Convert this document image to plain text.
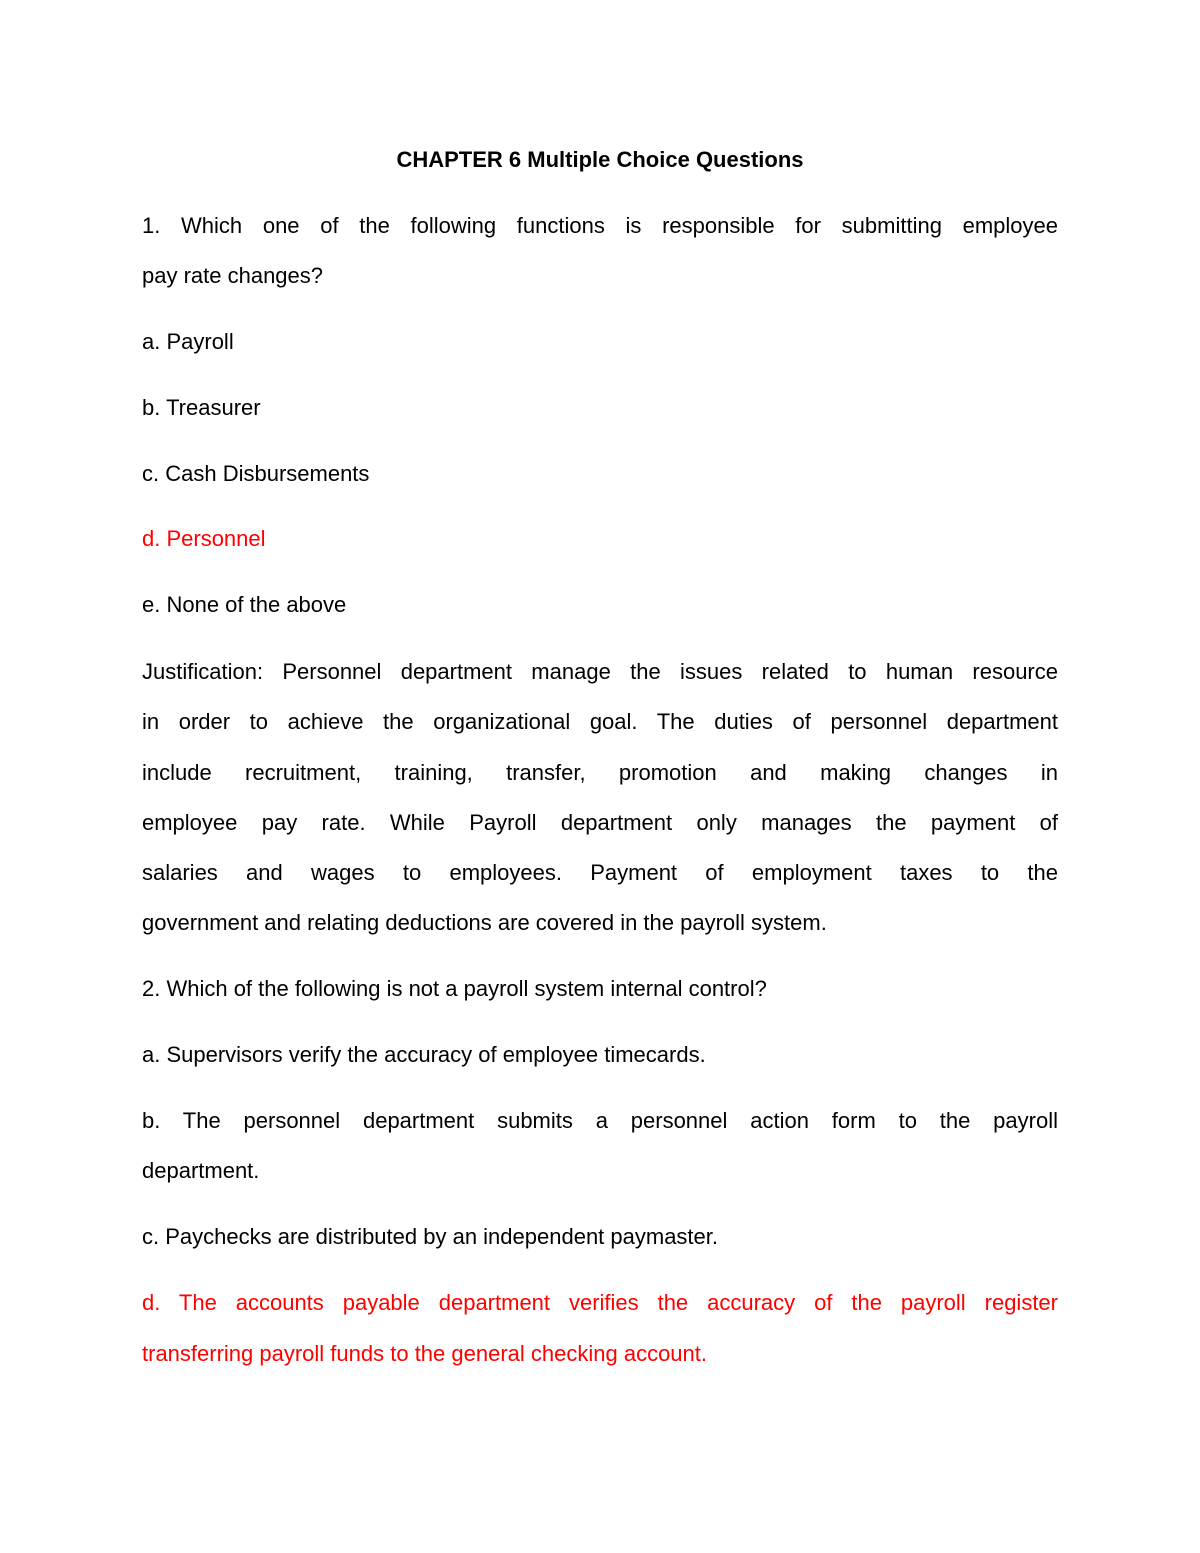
CHAPTER 6 Multiple Choice Questions

1. Which one of the following functions is responsible for submitting employee

pay rate changes?

a. Payroll

b. Treasurer

c. Cash Disbursements

d. Personnel

e. None of the above

Justification: Personnel department manage the issues related to human resource

in order to achieve the organizational goal. The duties of personnel department

include recruitment, training, transfer, promotion and making changes in

employee pay rate. While Payroll department only manages the payment of

salaries and wages to employees. Payment of employment taxes to the

government and relating deductions are covered in the payroll system.

2. Which of the following is not a payroll system internal control?

a. Supervisors verify the accuracy of employee timecards.

b. The personnel department submits a personnel action form to the payroll

department.

c. Paychecks are distributed by an independent paymaster.

d. The accounts payable department verifies the accuracy of the payroll register

transferring payroll funds to the general checking account.
